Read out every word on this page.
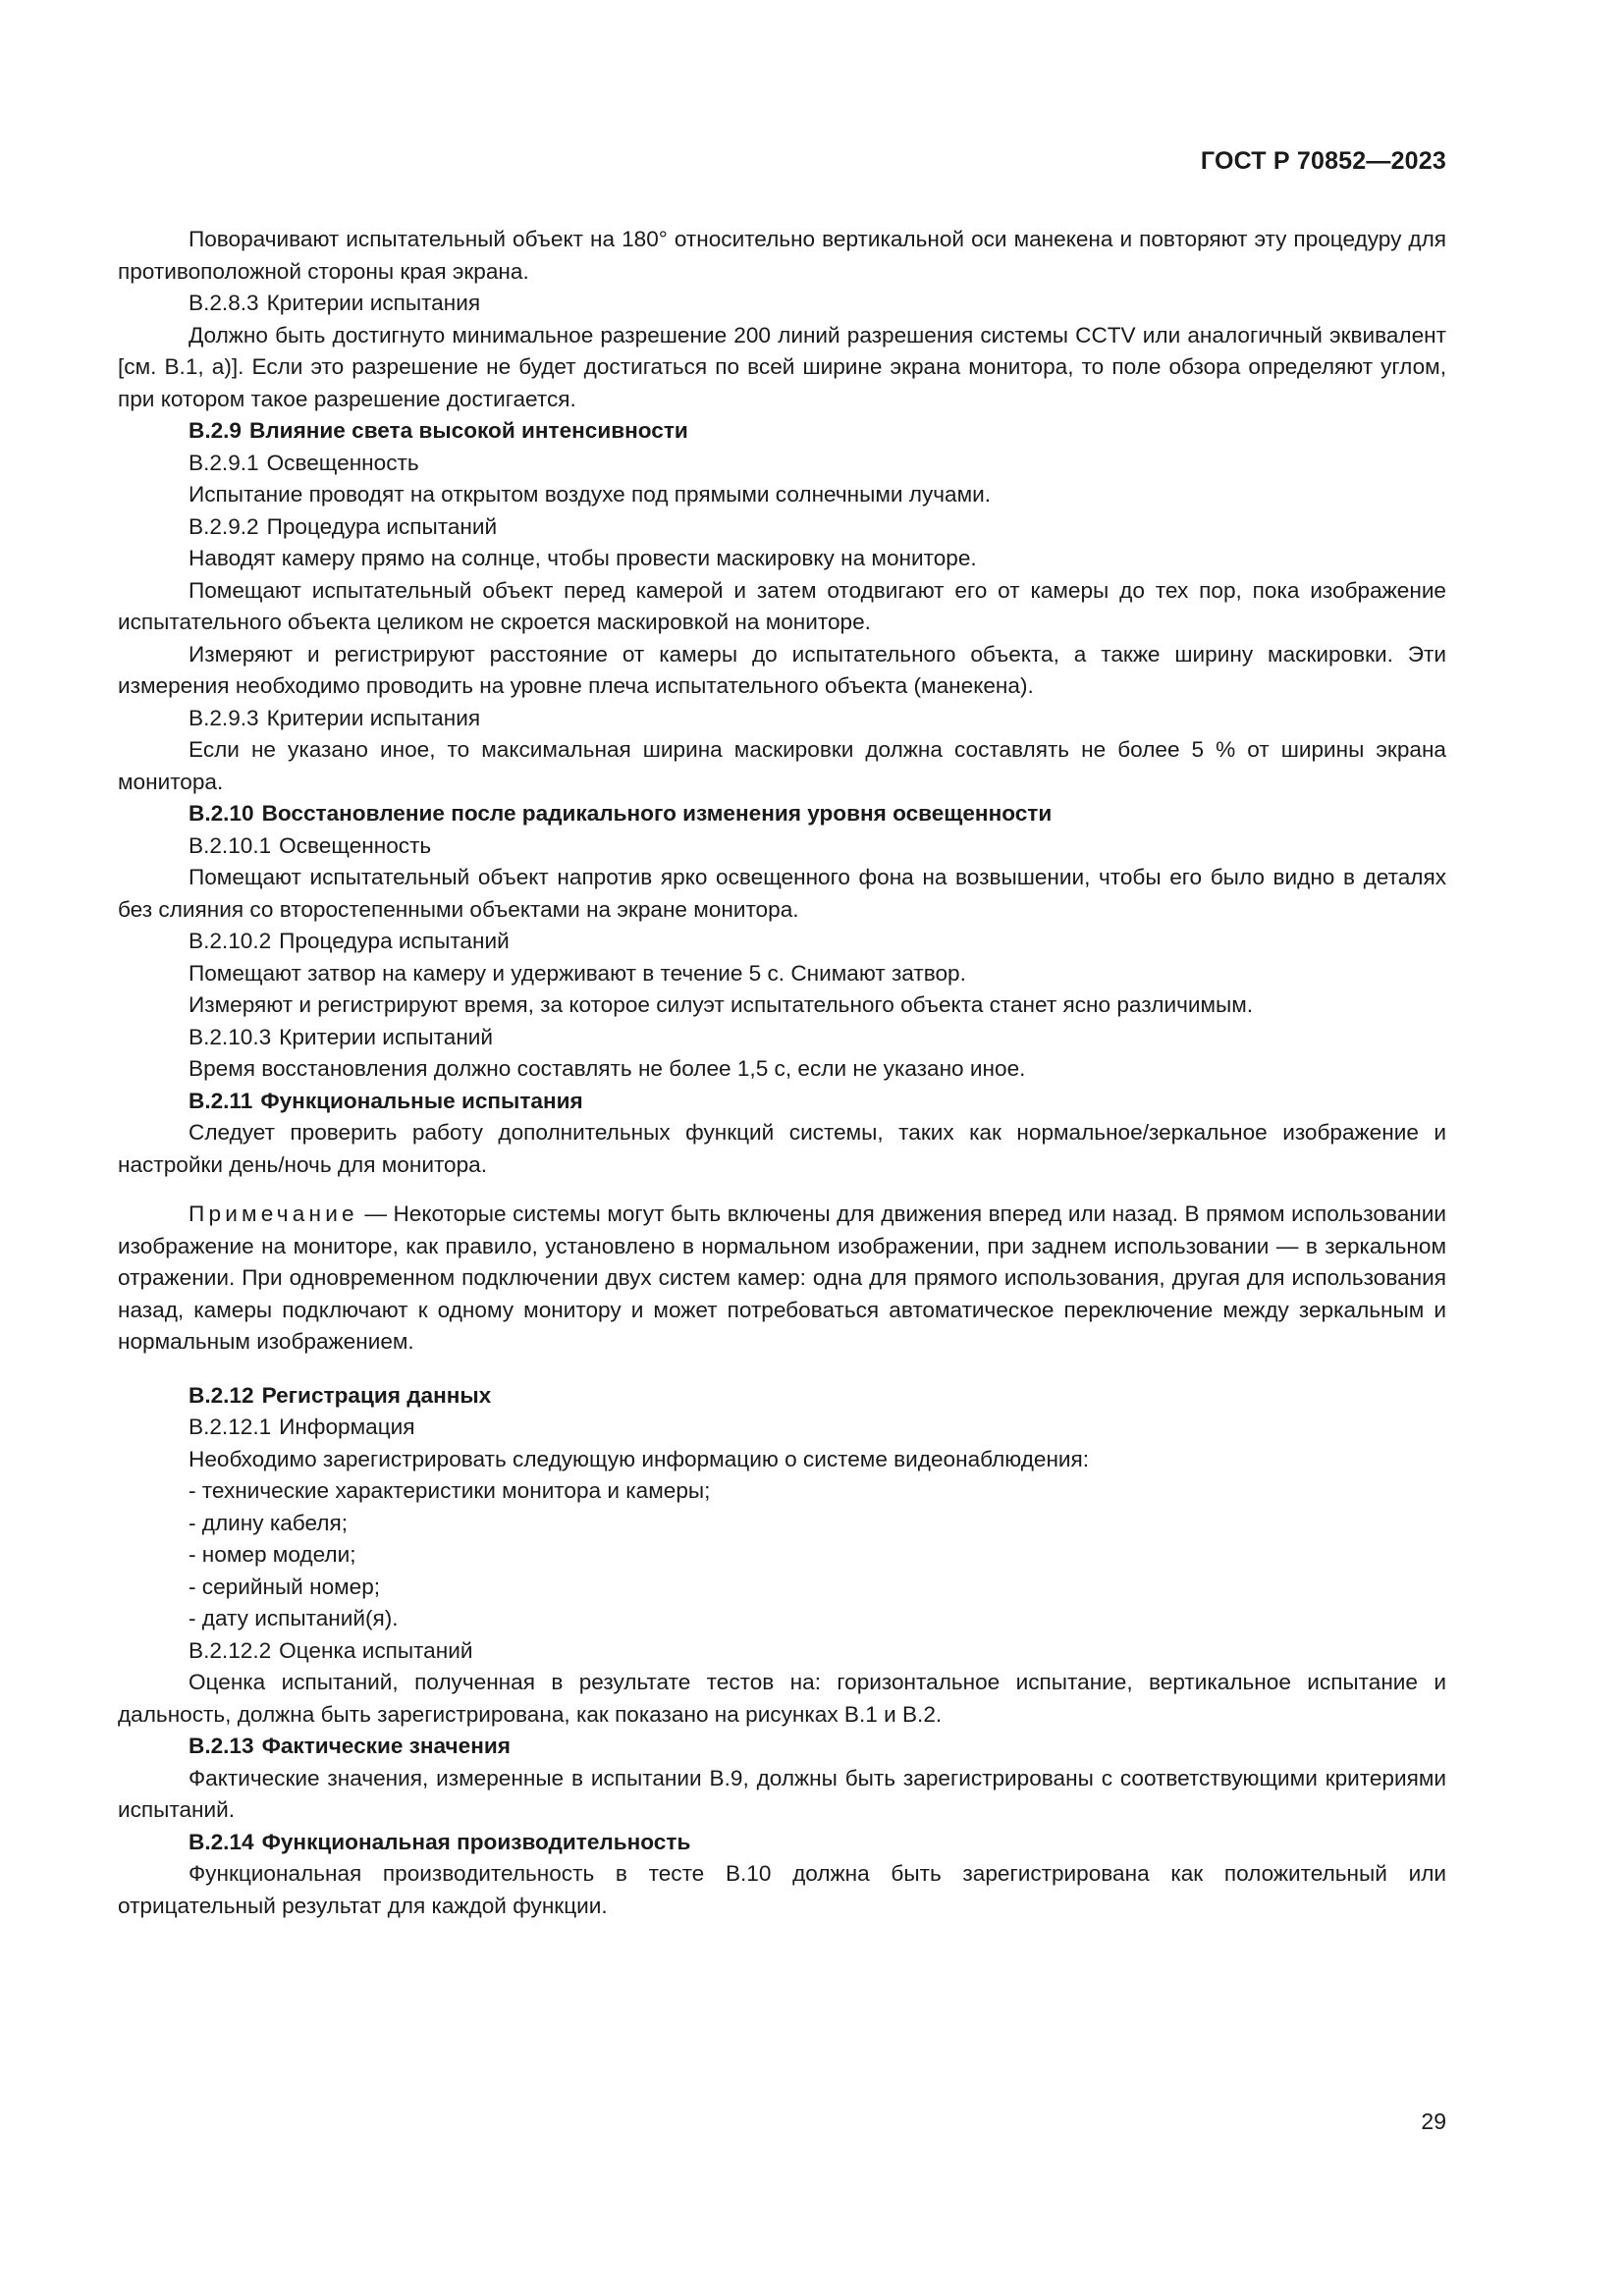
ГОСТ Р 70852—2023
Поворачивают испытательный объект на 180° относительно вертикальной оси манекена и повторяют эту процедуру для противоположной стороны края экрана.
В.2.8.3 Критерии испытания
Должно быть достигнуто минимальное разрешение 200 линий разрешения системы CCTV или аналогичный эквивалент [см. В.1, а)]. Если это разрешение не будет достигаться по всей ширине экрана монитора, то поле обзора определяют углом, при котором такое разрешение достигается.
В.2.9 Влияние света высокой интенсивности
В.2.9.1 Освещенность
Испытание проводят на открытом воздухе под прямыми солнечными лучами.
В.2.9.2 Процедура испытаний
Наводят камеру прямо на солнце, чтобы провести маскировку на мониторе.
Помещают испытательный объект перед камерой и затем отодвигают его от камеры до тех пор, пока изображение испытательного объекта целиком не скроется маскировкой на мониторе.
Измеряют и регистрируют расстояние от камеры до испытательного объекта, а также ширину маскировки. Эти измерения необходимо проводить на уровне плеча испытательного объекта (манекена).
В.2.9.3 Критерии испытания
Если не указано иное, то максимальная ширина маскировки должна составлять не более 5 % от ширины экрана монитора.
В.2.10 Восстановление после радикального изменения уровня освещенности
В.2.10.1 Освещенность
Помещают испытательный объект напротив ярко освещенного фона на возвышении, чтобы его было видно в деталях без слияния со второстепенными объектами на экране монитора.
В.2.10.2 Процедура испытаний
Помещают затвор на камеру и удерживают в течение 5 с. Снимают затвор.
Измеряют и регистрируют время, за которое силуэт испытательного объекта станет ясно различимым.
В.2.10.3 Критерии испытаний
Время восстановления должно составлять не более 1,5 с, если не указано иное.
В.2.11 Функциональные испытания
Следует проверить работу дополнительных функций системы, таких как нормальное/зеркальное изображение и настройки день/ночь для монитора.
Примечание — Некоторые системы могут быть включены для движения вперед или назад. В прямом использовании изображение на мониторе, как правило, установлено в нормальном изображении, при заднем использовании — в зеркальном отражении. При одновременном подключении двух систем камер: одна для прямого использования, другая для использования назад, камеры подключают к одному монитору и может потребоваться автоматическое переключение между зеркальным и нормальным изображением.
В.2.12 Регистрация данных
В.2.12.1 Информация
Необходимо зарегистрировать следующую информацию о системе видеонаблюдения:
- технические характеристики монитора и камеры;
- длину кабеля;
- номер модели;
- серийный номер;
- дату испытаний(я).
В.2.12.2 Оценка испытаний
Оценка испытаний, полученная в результате тестов на: горизонтальное испытание, вертикальное испытание и дальность, должна быть зарегистрирована, как показано на рисунках В.1 и В.2.
В.2.13 Фактические значения
Фактические значения, измеренные в испытании В.9, должны быть зарегистрированы с соответствующими критериями испытаний.
В.2.14 Функциональная производительность
Функциональная производительность в тесте В.10 должна быть зарегистрирована как положительный или отрицательный результат для каждой функции.
29
